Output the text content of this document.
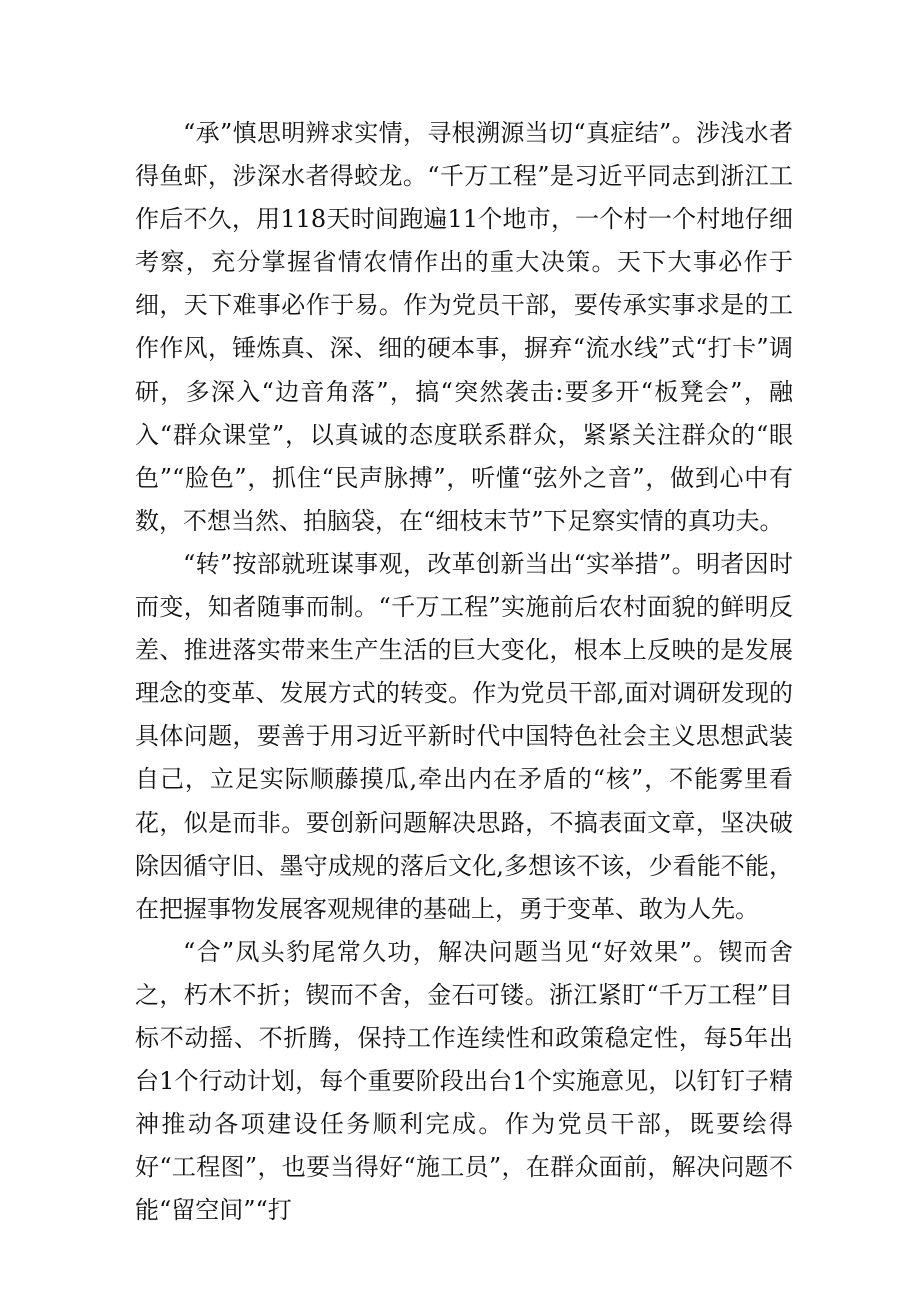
“承”慎思明辨求实情，寻根溯源当切“真症结”。涉浅水者得鱼虾，涉深水者得蛟龙。“千万工程”是习近平同志到浙江工作后不久，用118天时间跑遍11个地市，一个村一个村地仔细考察，充分掌握省情农情作出的重大决策。天下大事必作于细，天下难事必作于易。作为党员干部，要传承实事求是的工作作风，锤炼真、深、细的硬本事，摒弃“流水线”式“打卡”调研，多深入“边音角落”，搞“突然袭击:要多开“板凳会”，融入“群众课堂”，以真诚的态度联系群众，紧紧关注群众的“眼色”“脸色”，抓住“民声脉搏”，听懂“弦外之音”，做到心中有数，不想当然、拍脑袋，在“细枝末节”下足察实情的真功夫。

“转”按部就班谋事观，改革创新当出“实举措”。明者因时而变，知者随事而制。“千万工程”实施前后农村面貌的鲜明反差、推进落实带来生产生活的巨大变化，根本上反映的是发展理念的变革、发展方式的转变。作为党员干部,面对调研发现的具体问题，要善于用习近平新时代中国特色社会主义思想武装自己，立足实际顺藤摸瓜,牵出内在矛盾的“核”，不能雾里看花，似是而非。要创新问题解决思路，不搞表面文章，坚决破除因循守旧、墨守成规的落后文化,多想该不该，少看能不能，在把握事物发展客观规律的基础上，勇于变革、敢为人先。

“合”凤头豹尾常久功，解决问题当见“好效果”。锲而舍之，朽木不折；锲而不舍，金石可镂。浙江紧盯“千万工程”目标不动摇、不折腾，保持工作连续性和政策稳定性，每5年出台1个行动计划，每个重要阶段出台1个实施意见，以钉钉子精神推动各项建设任务顺利完成。作为党员干部，既要绘得好“工程图”，也要当得好“施工员”，在群众面前，解决问题不能“留空间”“打
